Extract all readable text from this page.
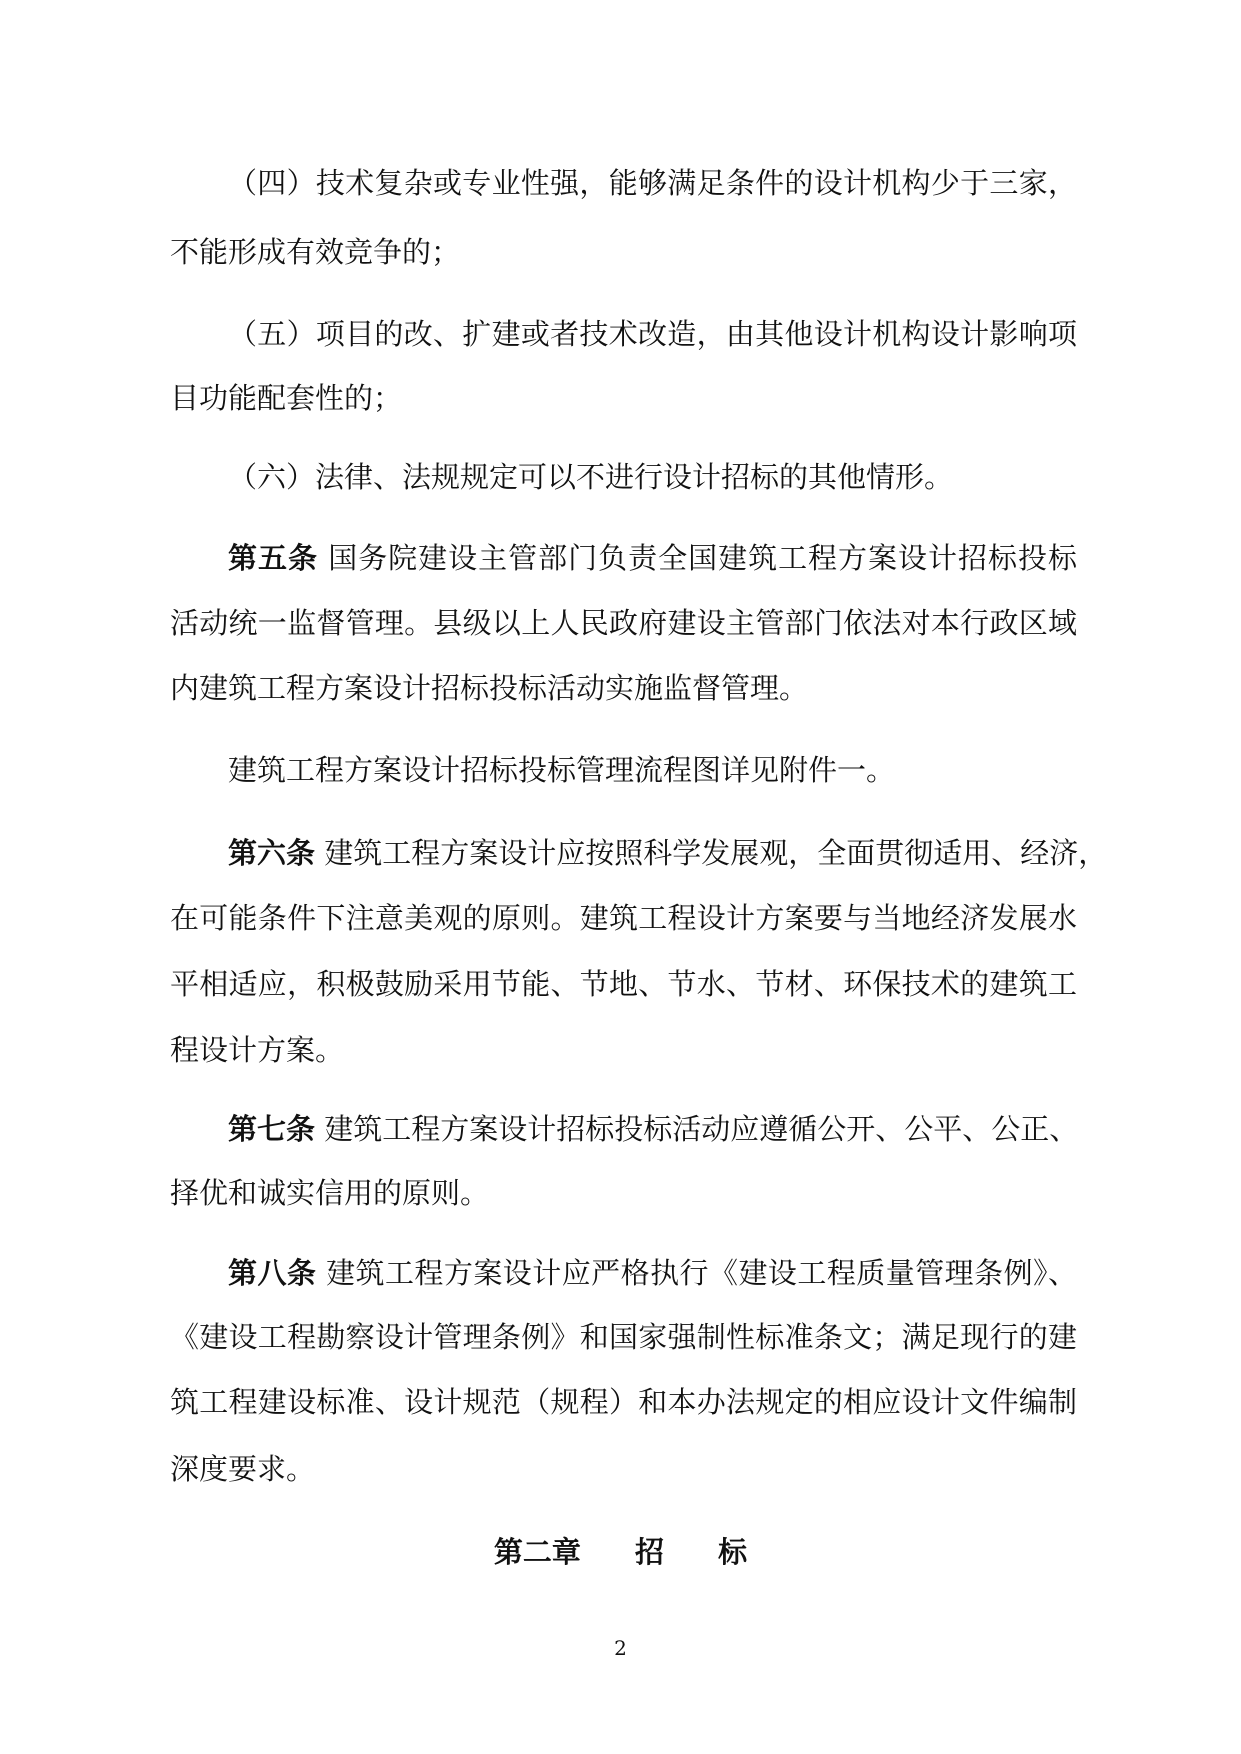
（四）技术复杂或专业性强，能够满足条件的设计机构少于三家，
不能形成有效竞争的；
（五）项目的改、扩建或者技术改造，由其他设计机构设计影响项
目功能配套性的；
（六）法律、法规规定可以不进行设计招标的其他情形。
第五条 国务院建设主管部门负责全国建筑工程方案设计招标投标
活动统一监督管理。县级以上人民政府建设主管部门依法对本行政区域
内建筑工程方案设计招标投标活动实施监督管理。
建筑工程方案设计招标投标管理流程图详见附件一。
第六条 建筑工程方案设计应按照科学发展观，全面贯彻适用、经济，
在可能条件下注意美观的原则。建筑工程设计方案要与当地经济发展水
平相适应，积极鼓励采用节能、节地、节水、节材、环保技术的建筑工
程设计方案。
第七条 建筑工程方案设计招标投标活动应遵循公开、公平、公正、
择优和诚实信用的原则。
第八条 建筑工程方案设计应严格执行《建设工程质量管理条例》、
《建设工程勘察设计管理条例》和国家强制性标准条文；满足现行的建
筑工程建设标准、设计规范（规程）和本办法规定的相应设计文件编制
深度要求。
第二章 招 标
2
